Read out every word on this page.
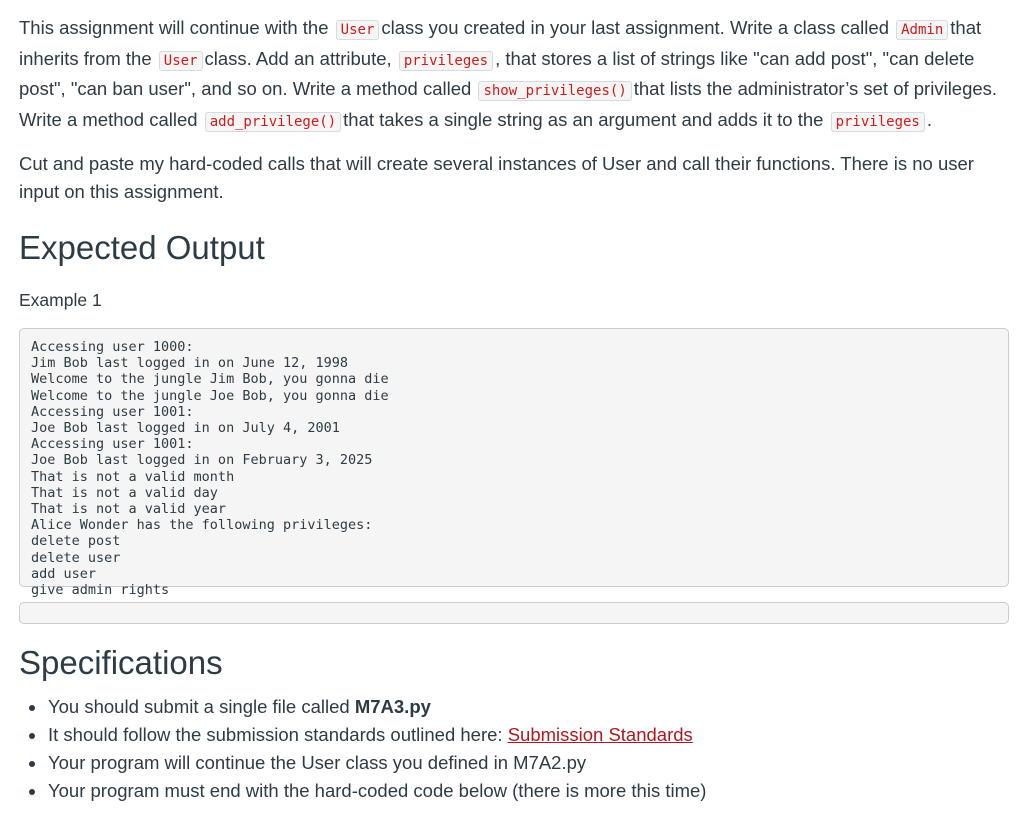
This assignment will continue with the User class you created in your last assignment. Write a class called Admin that inherits from the User class. Add an attribute, privileges , that stores a list of strings like "can add post", "can delete post", "can ban user", and so on. Write a method called show_privileges() that lists the administrator’s set of privileges. Write a method called add_privilege() that takes a single string as an argument and adds it to the privileges .

Cut and paste my hard-coded calls that will create several instances of User and call their functions. There is no user input on this assignment.

Expected Output
Example 1
Accessing user 1000:
Jim Bob last logged in on June 12, 1998
Welcome to the jungle Jim Bob, you gonna die
Welcome to the jungle Joe Bob, you gonna die
Accessing user 1001:
Joe Bob last logged in on July 4, 2001
Accessing user 1001:
Joe Bob last logged in on February 3, 2025
That is not a valid month
That is not a valid day
That is not a valid year
Alice Wonder has the following privileges:
delete post
delete user
add user
give admin rights
Specifications
• You should submit a single file called M7A3.py
• It should follow the submission standards outlined here: Submission Standards
• Your program will continue the User class you defined in M7A2.py
• Your program must end with the hard-coded code below (there is more this time)
